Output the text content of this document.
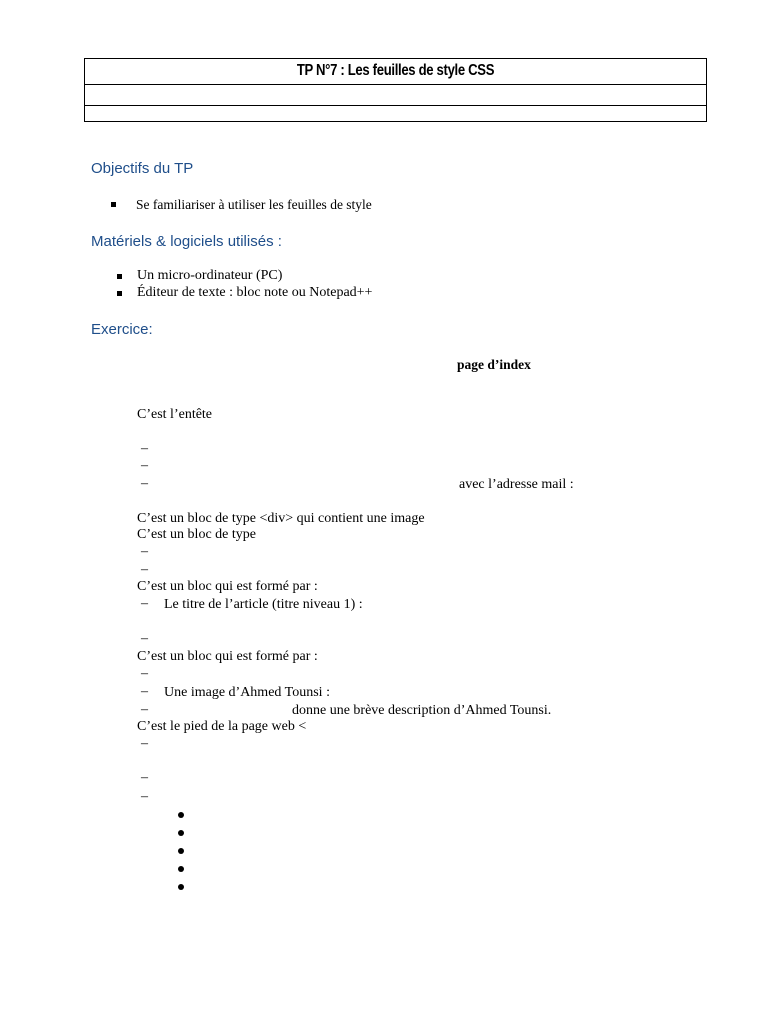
TP N°7 : Les feuilles de style CSS
Objectifs du TP
Se familiariser à utiliser les feuilles de style
Matériels & logiciels utilisés :
Un micro-ordinateur (PC)
Éditeur de texte : bloc note ou Notepad++
Exercice:
page d’index
C’est l’entête
–
–
–	avec l’adresse mail :
C’est un bloc de type <div> qui contient une image
C’est un bloc de type
–
–
C’est un bloc qui est formé par :
– Le titre de l’article (titre niveau 1) :
–
C’est un bloc qui est formé par :
–
– Une image d’Ahmed Tounsi :
–	donne une brève description d’Ahmed Tounsi.
C’est le pied de la page web <
–
–
–
